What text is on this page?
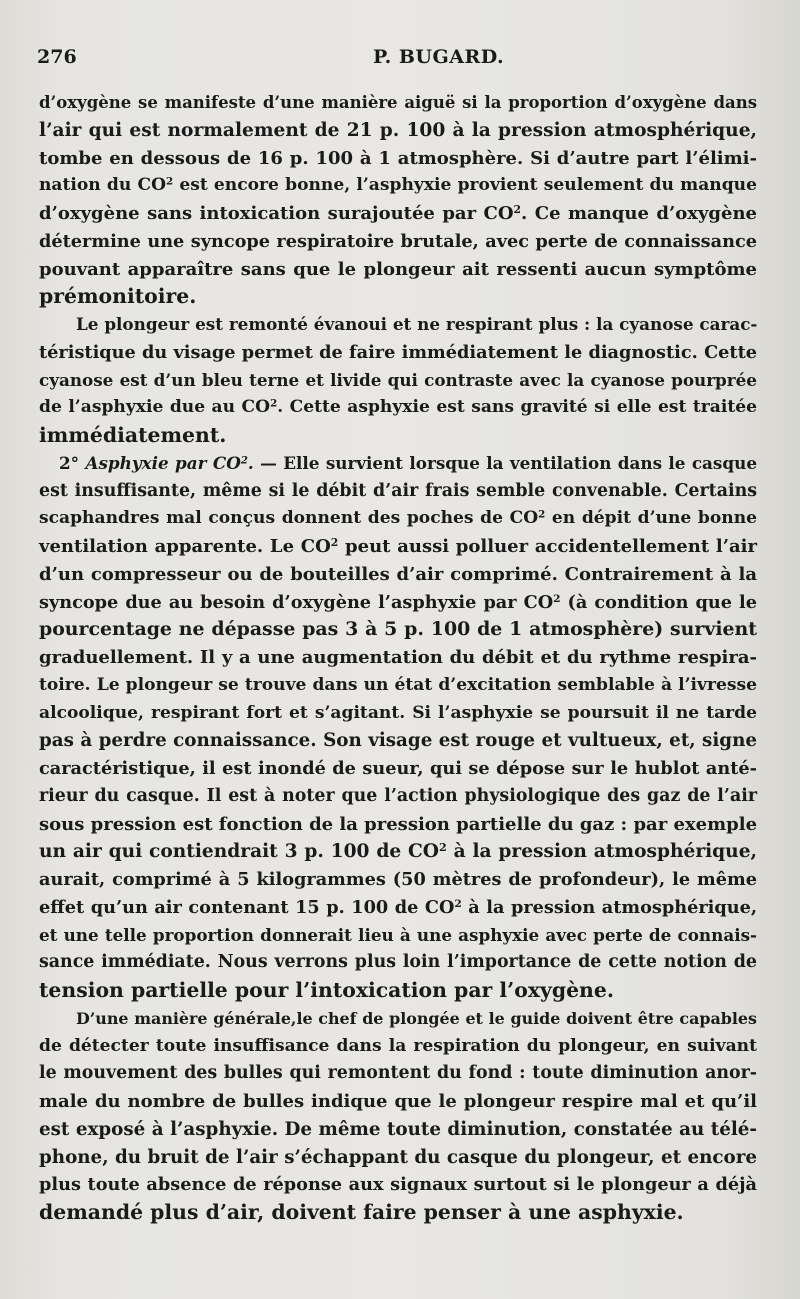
276	P. BUGARD.
d’oxygène se manifeste d’une manière aiguë si la proportion d’oxygène dans
l’air qui est normalement de 21 p. 100 à la pression atmosphérique,
tombe en dessous de 16 p. 100 à 1 atmosphère. Si d’autre part l’élimi-
nation du $CO^2$ est encore bonne, l’asphyxie provient seulement du manque
d’oxygène sans intoxication surajoutée par $CO^2$. Ce manque d’oxygène
détermine une syncope respiratoire brutale, avec perte de connaissance
pouvant apparaître sans que le plongeur ait ressenti aucun symptôme
prémonitoire.
Le plongeur est remonté évanoui et ne respirant plus : la cyanose carac-
téristique du visage permet de faire immédiatement le diagnostic. Cette
cyanose est d’un bleu terne et livide qui contraste avec la cyanose pourprée
de l’asphyxie due au $CO^2$. Cette asphyxie est sans gravité si elle est traitée
immédiatement.
2° Asphyxie par $CO^2$. — Elle survient lorsque la ventilation dans le casque
est insuffisante, même si le débit d’air frais semble convenable. Certains
scaphandres mal conçus donnent des poches de $CO^2$ en dépit d’une bonne
ventilation apparente. Le $CO^2$ peut aussi polluer accidentellement l’air
d’un compresseur ou de bouteilles d’air comprimé. Contrairement à la
syncope due au besoin d’oxygène l’asphyxie par $CO^2$ (à condition que le
pourcentage ne dépasse pas 3 à 5 p. 100 de 1 atmosphère) survient
graduellement. Il y a une augmentation du débit et du rythme respira-
toire. Le plongeur se trouve dans un état d’excitation semblable à l’ivresse
alcoolique, respirant fort et s’agitant. Si l’asphyxie se poursuit il ne tarde
pas à perdre connaissance. Son visage est rouge et vultueux, et, signe
caractéristique, il est inondé de sueur, qui se dépose sur le hublot anté-
rieur du casque. Il est à noter que l’action physiologique des gaz de l’air
sous pression est fonction de la pression partielle du gaz : par exemple
un air qui contiendrait 3 p. 100 de $CO^2$ à la pression atmosphérique,
aurait, comprimé à 5 kilogrammes (50 mètres de profondeur), le même
effet qu’un air contenant 15 p. 100 de $CO^2$ à la pression atmosphérique,
et une telle proportion donnerait lieu à une asphyxie avec perte de connais-
sance immédiate. Nous verrons plus loin l’importance de cette notion de
tension partielle pour l’intoxication par l’oxygène.
D’une manière générale,le chef de plongée et le guide doivent être capables
de détecter toute insuffisance dans la respiration du plongeur, en suivant
le mouvement des bulles qui remontent du fond : toute diminution anor-
male du nombre de bulles indique que le plongeur respire mal et qu’il
est exposé à l’asphyxie. De même toute diminution, constatée au télé-
phone, du bruit de l’air s’échappant du casque du plongeur, et encore
plus toute absence de réponse aux signaux surtout si le plongeur a déjà
demandé plus d’air, doivent faire penser à une asphyxie.
